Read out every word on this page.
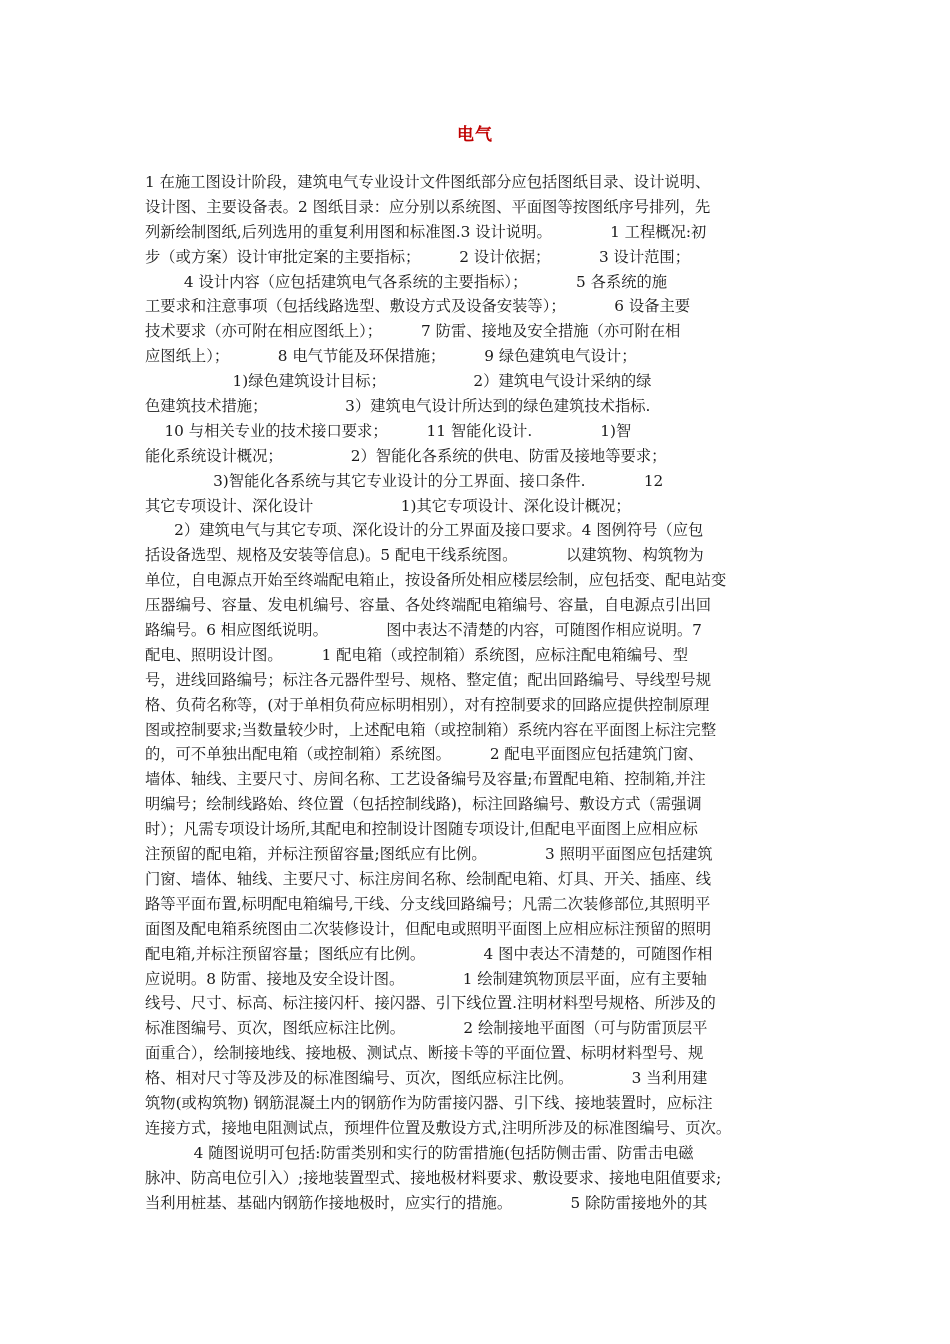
电气
1 在施工图设计阶段，建筑电气专业设计文件图纸部分应包括图纸目录、设计说明、
设计图、主要设备表。2 图纸目录：应分别以系统图、平面图等按图纸序号排列，先
列新绘制图纸,后列选用的重复利用图和标准图.3 设计说明。            1 工程概况:初
步（或方案）设计审批定案的主要指标；        2 设计依据；          3 设计范围；
4 设计内容（应包括建筑电气各系统的主要指标）；          5 各系统的施
工要求和注意事项（包括线路选型、敷设方式及设备安装等）；          6 设备主要
技术要求（亦可附在相应图纸上）；        7 防雷、接地及安全措施（亦可附在相
应图纸上）；          8 电气节能及环保措施；        9 绿色建筑电气设计；
1)绿色建筑设计目标；                  2）建筑电气设计采纳的绿
色建筑技术措施；                3）建筑电气设计所达到的绿色建筑技术指标.
10 与相关专业的技术接口要求；        11 智能化设计.              1)智
能化系统设计概况；              2）智能化各系统的供电、防雷及接地等要求；
3)智能化各系统与其它专业设计的分工界面、接口条件.            12
其它专项设计、深化设计                  1)其它专项设计、深化设计概况；
2）建筑电气与其它专项、深化设计的分工界面及接口要求。4 图例符号（应包
括设备选型、规格及安装等信息)。5 配电干线系统图。          以建筑物、构筑物为
单位，自电源点开始至终端配电箱止，按设备所处相应楼层绘制，应包括变、配电站变
压器编号、容量、发电机编号、容量、各处终端配电箱编号、容量，自电源点引出回
路编号。6 相应图纸说明。            图中表达不清楚的内容，可随图作相应说明。7
配电、照明设计图。        1 配电箱（或控制箱）系统图，应标注配电箱编号、型
号，进线回路编号；标注各元器件型号、规格、整定值；配出回路编号、导线型号规
格、负荷名称等，(对于单相负荷应标明相别），对有控制要求的回路应提供控制原理
图或控制要求;当数量较少时，上述配电箱（或控制箱）系统内容在平面图上标注完整
的，可不单独出配电箱（或控制箱）系统图。        2 配电平面图应包括建筑门窗、
墙体、轴线、主要尺寸、房间名称、工艺设备编号及容量;布置配电箱、控制箱,并注
明编号；绘制线路始、终位置（包括控制线路)，标注回路编号、敷设方式（需强调
时）；凡需专项设计场所,其配电和控制设计图随专项设计,但配电平面图上应相应标
注预留的配电箱，并标注预留容量;图纸应有比例。            3 照明平面图应包括建筑
门窗、墙体、轴线、主要尺寸、标注房间名称、绘制配电箱、灯具、开关、插座、线
路等平面布置,标明配电箱编号,干线、分支线回路编号；凡需二次装修部位,其照明平
面图及配电箱系统图由二次装修设计，但配电或照明平面图上应相应标注预留的照明
配电箱,并标注预留容量；图纸应有比例。            4 图中表达不清楚的，可随图作相
应说明。8 防雷、接地及安全设计图。            1 绘制建筑物顶层平面，应有主要轴
线号、尺寸、标高、标注接闪杆、接闪器、引下线位置.注明材料型号规格、所涉及的
标准图编号、页次，图纸应标注比例。            2 绘制接地平面图（可与防雷顶层平
面重合），绘制接地线、接地极、测试点、断接卡等的平面位置、标明材料型号、规
格、相对尺寸等及涉及的标准图编号、页次，图纸应标注比例。            3 当利用建
筑物(或构筑物) 钢筋混凝土内的钢筋作为防雷接闪器、引下线、接地装置时，应标注
连接方式，接地电阻测试点，预埋件位置及敷设方式,注明所涉及的标准图编号、页次。
4 随图说明可包括:防雷类别和实行的防雷措施(包括防侧击雷、防雷击电磁
脉冲、防高电位引入）;接地装置型式、接地极材料要求、敷设要求、接地电阻值要求;
当利用桩基、基础内钢筋作接地极时，应实行的措施。            5 除防雷接地外的其
